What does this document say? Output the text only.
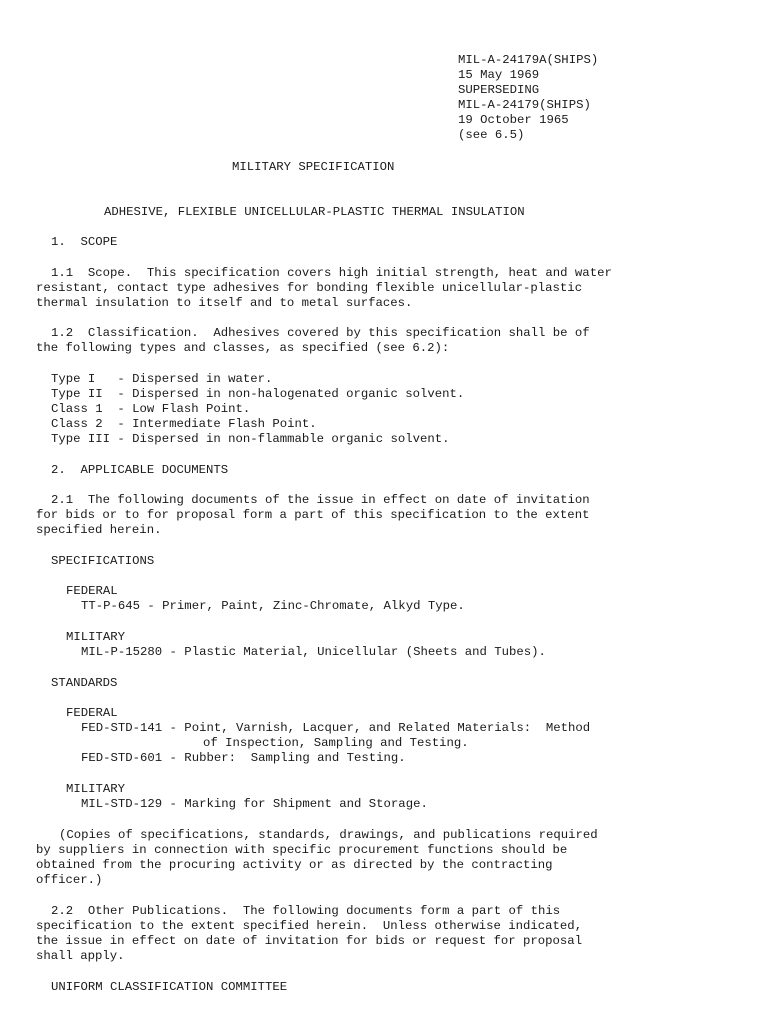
MIL-A-24179A(SHIPS)

15 May 1969

SUPERSEDING

MIL-A-24179(SHIPS)

19 October 1965

(see 6.5)

MILITARY SPECIFICATION

ADHESIVE, FLEXIBLE UNICELLULAR-PLASTIC THERMAL INSULATION

1.  SCOPE

1.1  Scope.  This specification covers high initial strength, heat and water

resistant, contact type adhesives for bonding flexible unicellular-plastic

thermal insulation to itself and to metal surfaces.

1.2  Classification.  Adhesives covered by this specification shall be of

the following types and classes, as specified (see 6.2):

Type I   - Dispersed in water.

Type II  - Dispersed in non-halogenated organic solvent.

Class 1  - Low Flash Point.

Class 2  - Intermediate Flash Point.

Type III - Dispersed in non-flammable organic solvent.

2.  APPLICABLE DOCUMENTS

2.1  The following documents of the issue in effect on date of invitation

for bids or to for proposal form a part of this specification to the extent

specified herein.

SPECIFICATIONS

FEDERAL

TT-P-645 - Primer, Paint, Zinc-Chromate, Alkyd Type.

MILITARY

MIL-P-15280 - Plastic Material, Unicellular (Sheets and Tubes).

STANDARDS

FEDERAL

FED-STD-141 - Point, Varnish, Lacquer, and Related Materials:  Method

of Inspection, Sampling and Testing.

FED-STD-601 - Rubber:  Sampling and Testing.

MILITARY

MIL-STD-129 - Marking for Shipment and Storage.

(Copies of specifications, standards, drawings, and publications required

by suppliers in connection with specific procurement functions should be

obtained from the procuring activity or as directed by the contracting

officer.)

2.2  Other Publications.  The following documents form a part of this

specification to the extent specified herein.  Unless otherwise indicated,

the issue in effect on date of invitation for bids or request for proposal

shall apply.

UNIFORM CLASSIFICATION COMMITTEE
